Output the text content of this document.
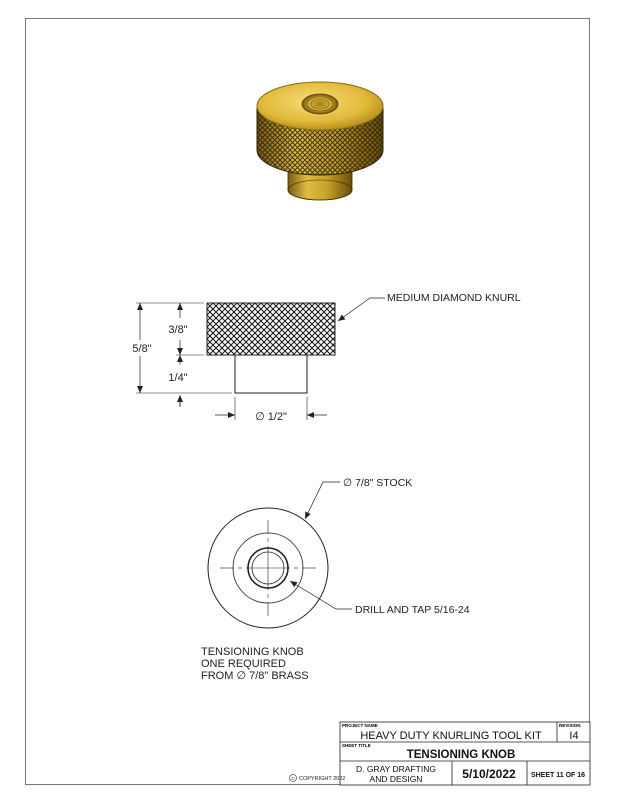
5/8"
3/8"
1/4"
∅ 1/2"
MEDIUM DIAMOND KNURL
∅ 7/8" STOCK
DRILL AND TAP 5/16-24
TENSIONING KNOB
ONE REQUIRED
FROM ∅ 7/8" BRASS
PROJECT NAME
HEAVY DUTY KNURLING TOOL KIT
REVISION
I4
SHEET TITLE
TENSIONING KNOB
D. GRAY DRAFTING
AND DESIGN	5/10/2022 SHEET 11 OF 16
C COPYRIGHT 2022
